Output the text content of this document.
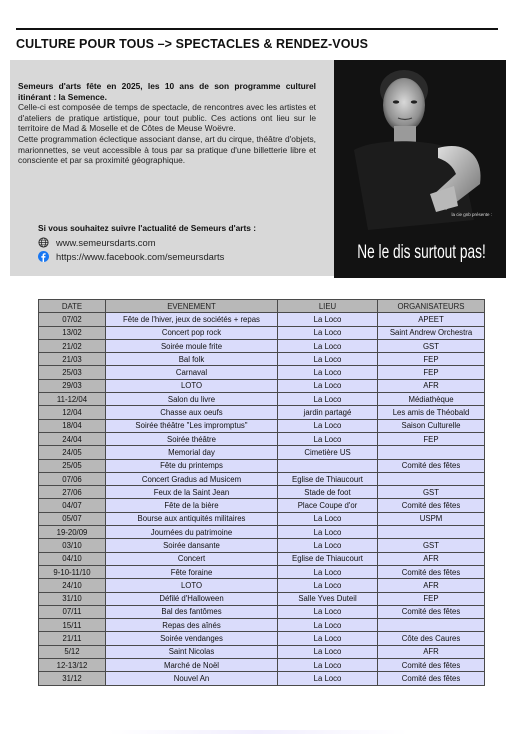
CULTURE POUR TOUS –> SPECTACLES & RENDEZ-VOUS

Semeurs d'arts fête en 2025, les 10 ans de son programme culturel itinérant : la Semence.

Celle-ci est composée de temps de spectacle, de rencontres avec les artistes et d'ateliers de pratique artistique, pour tout public. Ces actions ont lieu sur le territoire de Mad & Moselle et de Côtes de Meuse Woëvre.

Cette programmation éclectique associant danse, art du cirque, théâtre d'objets, marionnettes, se veut accessible à tous par sa pratique d'une billetterie libre et consciente et par sa proximité géographique.

Si vous souhaitez suivre l'actualité de Semeurs d'arts :
www.semeursdarts.com
https://www.facebook.com/semeursdarts
la cie gnb présente :
Ne le dis surtout pas!
DATE	EVENEMENT	LIEU	ORGANISATEURS
07/02	Fête de l'hiver, jeux de sociétés + repas	La Loco	APEET
13/02	Concert pop rock	La Loco	Saint Andrew Orchestra
21/02	Soirée moule frite	La Loco	GST
21/03	Bal folk	La Loco	FEP
25/03	Carnaval	La Loco	FEP
29/03	LOTO	La Loco	AFR
11-12/04	Salon du livre	La Loco	Médiathèque
12/04	Chasse aux oeufs	jardin partagé	Les amis de Théobald
18/04	Soirée théâtre "Les impromptus"	La Loco	Saison Culturelle
24/04	Soirée théâtre	La Loco	FEP
24/05	Memorial day	Cimetière US	
25/05	Fête du printemps		Comité des fêtes
07/06	Concert Gradus ad Musicem	Eglise de Thiaucourt	
27/06	Feux de la Saint Jean	Stade de foot	GST
04/07	Fête de la bière	Place Coupe d'or	Comité des fêtes
05/07	Bourse aux antiquités militaires	La Loco	USPM
19-20/09	Journées du patrimoine	La Loco	
03/10	Soirée dansante	La Loco	GST
04/10	Concert	Eglise de Thiaucourt	AFR
9-10-11/10	Fête foraine	La Loco	Comité des fêtes
24/10	LOTO	La Loco	AFR
31/10	Défilé d'Halloween	Salle Yves Duteil	FEP
07/11	Bal des fantômes	La Loco	Comité des fêtes
15/11	Repas des aînés	La Loco	
21/11	Soirée vendanges	La Loco	Côte des Caures
5/12	Saint Nicolas	La Loco	AFR
12-13/12	Marché de Noël	La Loco	Comité des fêtes
31/12	Nouvel An	La Loco	Comité des fêtes
